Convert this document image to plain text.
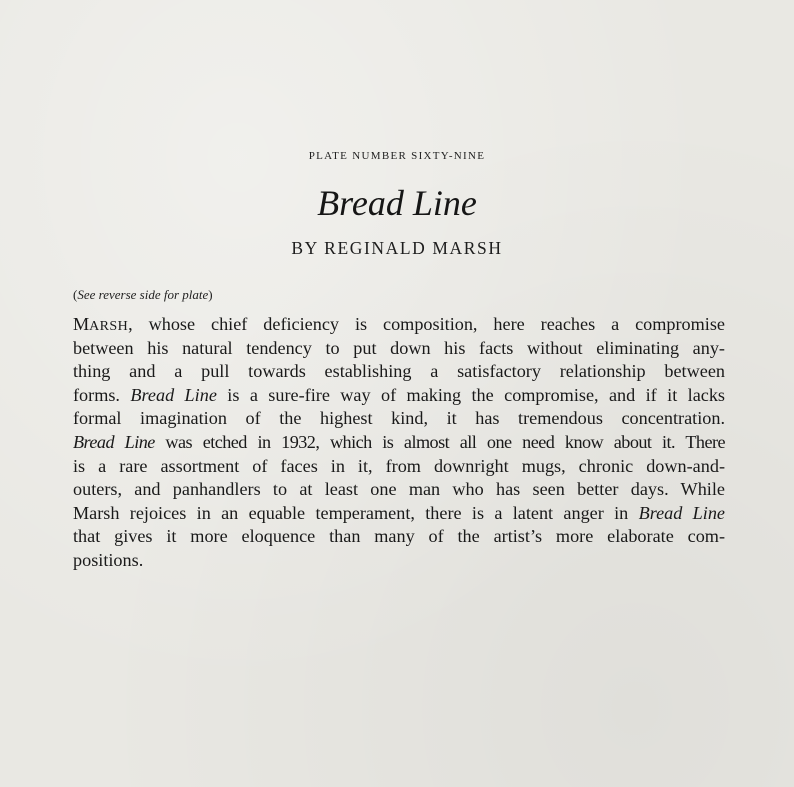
PLATE NUMBER SIXTY-NINE
Bread Line
BY REGINALD MARSH
(See reverse side for plate)
MARSH, whose chief deficiency is composition, here reaches a compromise
between his natural tendency to put down his facts without eliminating any-
thing and a pull towards establishing a satisfactory relationship between
forms. Bread Line is a sure-fire way of making the compromise, and if it lacks
formal imagination of the highest kind, it has tremendous concentration.
Bread Line was etched in 1932, which is almost all one need know about it. There
is a rare assortment of faces in it, from downright mugs, chronic down-and-
outers, and panhandlers to at least one man who has seen better days. While
Marsh rejoices in an equable temperament, there is a latent anger in Bread Line
that gives it more eloquence than many of the artist’s more elaborate com-
positions.
